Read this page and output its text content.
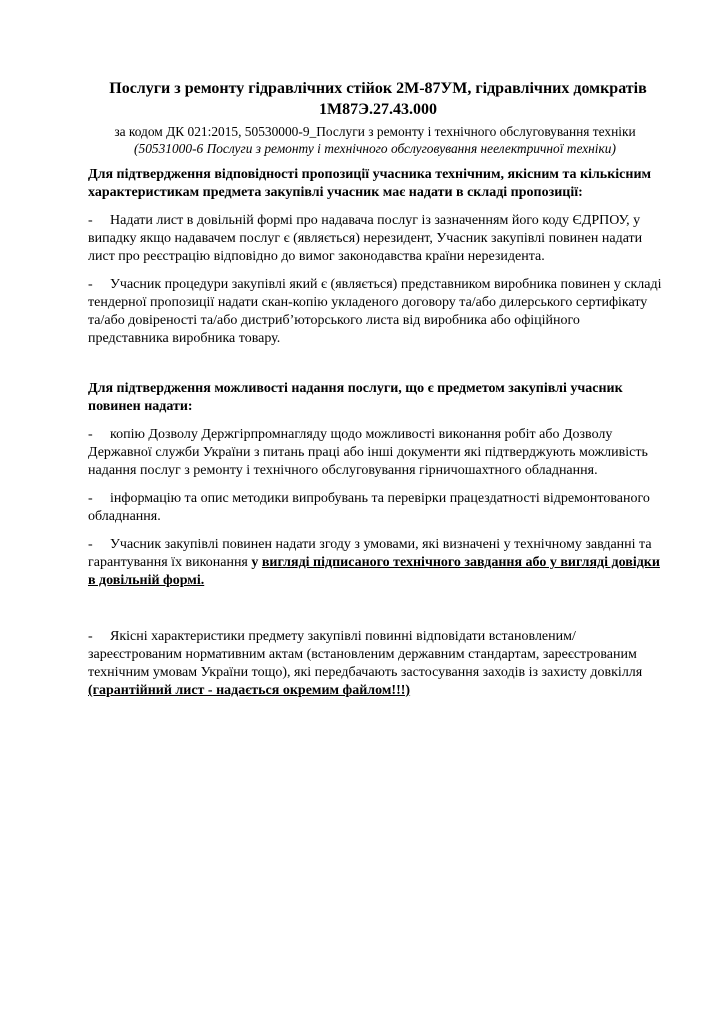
Послуги з ремонту гідравлічних стійок 2М-87УМ, гідравлічних домкратів
1М87Э.27.43.000

за кодом ДК 021:2015, 50530000-9_Послуги з ремонту і технічного обслуговування техніки

(50531000-6 Послуги з ремонту і технічного обслуговування неелектричної техніки)

Для підтвердження відповідності пропозиції учасника технічним, якісним та кількісним характеристикам предмета закупівлі учасник має надати в складі пропозиції:

- Надати лист в довільній формі про надавача послуг із зазначенням його коду ЄДРПОУ, у випадку якщо надавачем послуг є (являється) нерезидент, Учасник закупівлі повинен надати лист про реєстрацію відповідно до вимог законодавства країни нерезидента.

- Учасник процедури закупівлі який є (являється) представником виробника повинен у складі тендерної пропозиції надати скан-копію укладеного договору та/або дилерського сертифікату та/або довіреності та/або дистриб’юторського листа від виробника або офіційного представника виробника товару.

Для підтвердження можливості надання послуги, що є предметом закупівлі учасник повинен надати:

- копію Дозволу Держгірпромнагляду щодо можливості виконання робіт або Дозволу Державної служби України з питань праці або інші документи які підтверджують можливість надання послуг з ремонту і технічного обслуговування гірничошахтного обладнання.

- інформацію та опис методики випробувань та перевірки працездатності відремонтованого обладнання.

- Учасник закупівлі повинен надати згоду з умовами, які визначені у технічному завданні та гарантування їх виконання у вигляді підписаного технічного завдання або у вигляді довідки в довільній формі.

- Якісні характеристики предмету закупівлі повинні відповідати встановленим/зареєстрованим нормативним актам (встановленим державним стандартам, зареєстрованим технічним умовам України тощо), які передбачають застосування заходів із захисту довкілля (гарантійний лист - надається окремим файлом!!!)
